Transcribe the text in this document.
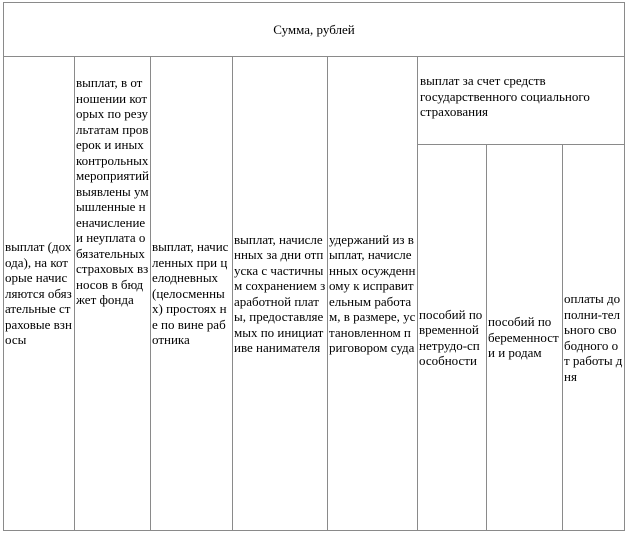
Сумма, рублей							
выплат (дохода), на которые начисляются обязательные страховые взносы	выплат, в отношении которых по результатам проверок и иных контрольных мероприятий выявлены умышленные неначисление и неуплата обязательных страховых взносов в бюджет фонда	выплат, начисленных при целодневных (целосменных) простоях не по вине работника	выплат, начисленных за дни отпуска с частичным сохранением заработной платы, предоставляемых по инициативе нанимателя	удержаний из выплат, начисленных осужденному к исправительным работам, в размере, установленном приговором суда	выплат за счет средств государственного социального страхования		
					пособий по временной нетрудо-способности	пособий по беременности и родам	оплаты дополни-тельного свободного от работы дня
